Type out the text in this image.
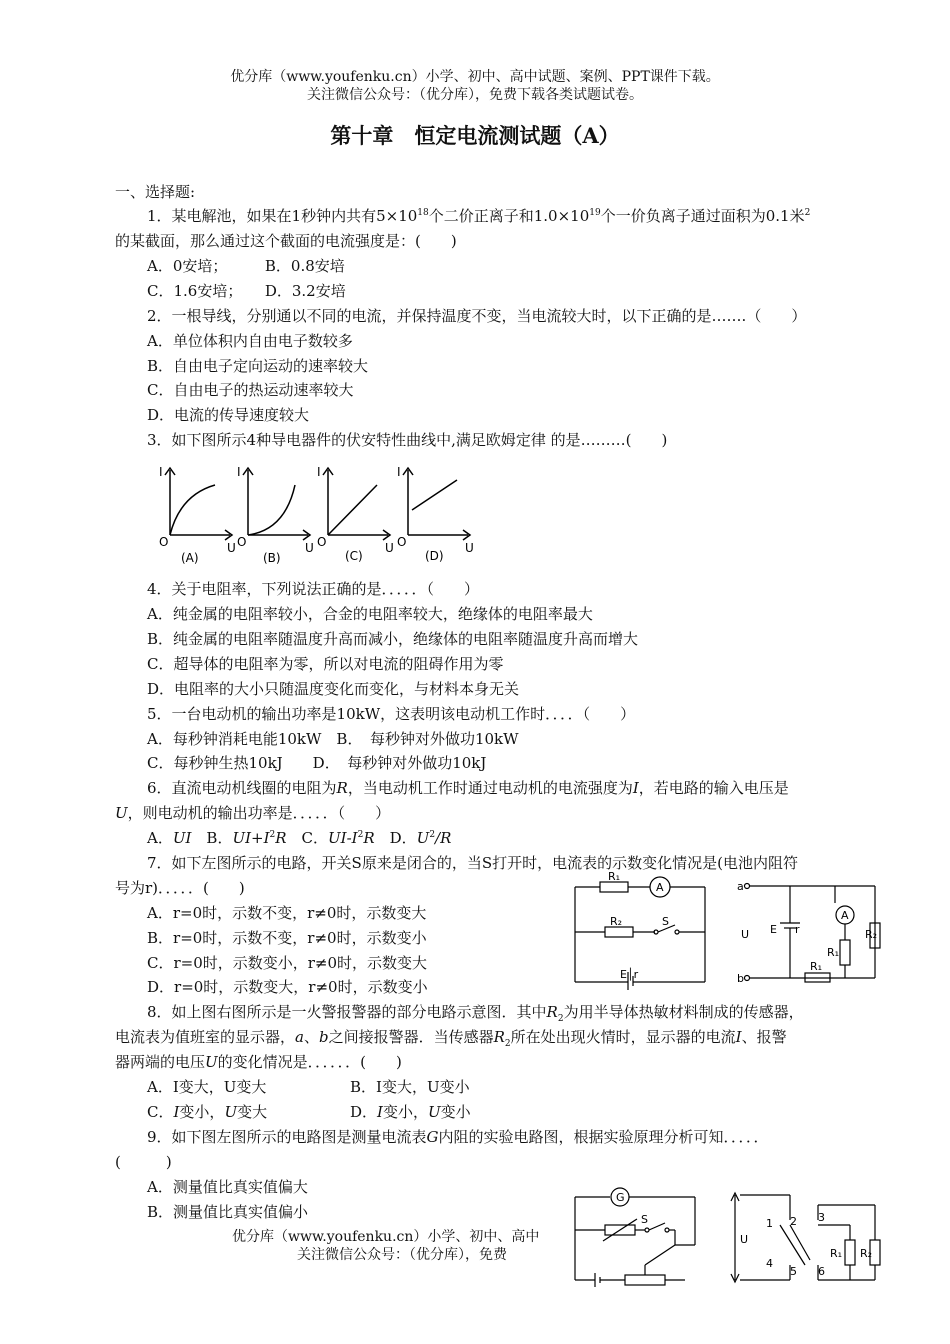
优分库（www.youfenku.cn）小学、初中、高中试题、案例、PPT课件下载。
关注微信公众号：（优分库），免费下载各类试题试卷。
第十章　恒定电流测试题（A）
一、选择题:
1．某电解池，如果在1秒钟内共有$5\times 10^{18}$个二价正离子和$1.0\times 10^{19}$个一价负离子通过面积为0.1米$^2$
的某截面，那么通过这个截面的电流强度是：(　　)
A．0安培；　　　B．0.8安培
C．1.6安培；　　D．3.2安培
2．一根导线，分别通以不同的电流，并保持温度不变，当电流较大时，以下正确的是…….（　　）
A．单位体积内自由电子数较多
B．自由电子定向运动的速率较大
C．自由电子的热运动速率较大
D．电流的传导速度较大
3．如下图所示4种导电器件的伏安特性曲线中,满足欧姆定律 的是………(　　)
I
O	U
(A)
I
O	U
(B)
I
O	U
(C)
I
O	U
(D)
4．关于电阻率，下列说法正确的是．．．．．（　　）
A．纯金属的电阻率较小，合金的电阻率较大，绝缘体的电阻率最大
B．纯金属的电阻率随温度升高而减小，绝缘体的电阻率随温度升高而增大
C．超导体的电阻率为零，所以对电流的阻碍作用为零
D．电阻率的大小只随温度变化而变化，与材料本身无关
5．一台电动机的输出功率是10kW，这表明该电动机工作时．．．．（　　）
A．每秒钟消耗电能10kW　B．　每秒钟对外做功10kW
C．每秒钟生热10kJ　　D．　每秒钟对外做功10kJ
6．直流电动机线圈的电阻为R，当电动机工作时通过电动机的电流强度为I，若电路的输入电压是
U，则电动机的输出功率是．．．．．（　　）
A．UI　B．$UI+I^2R$　C．$UI-I^2R$　D．$U^2/R$
7．如下左图所示的电路，开关S原来是闭合的，当S打开时，电流表的示数变化情况是(电池内阻符
号为r)．．．．．(　　)
A．r=0时，示数不变，r≠0时，示数变大
B．r=0时，示数不变，r≠0时，示数变小
C．r=0时，示数变小，r≠0时，示数变大
D．r=0时，示数变大，r≠0时，示数变小
R₁
A
R₂	S
E│r
a
b
U E r
A
R₁
R₂
R₁
8．如上图右图所示是一火警报警器的部分电路示意图．其中$R_2$为用半导体热敏材料制成的传感器，
电流表为值班室的显示器，a、b之间接报警器．当传感器$R_2$所在处出现火情时，显示器的电流I、报警
器两端的电压U的变化情况是．．．．．．(　　)
A．I变大，U变大	B．I变大，U变小
C．I变小，U变大	D．I变小，U变小
9．如下图左图所示的电路图是测量电流表G内阻的实验电路图，根据实验原理分析可知．．．．．
(　　　)
A．测量值比真实值偏大
B．测量值比真实值偏小
G
S
U
1 2 3
4
5 6
R₁ R₂
优分库（www.youfenku.cn）小学、初中、高中
关注微信公众号：（优分库），免费
